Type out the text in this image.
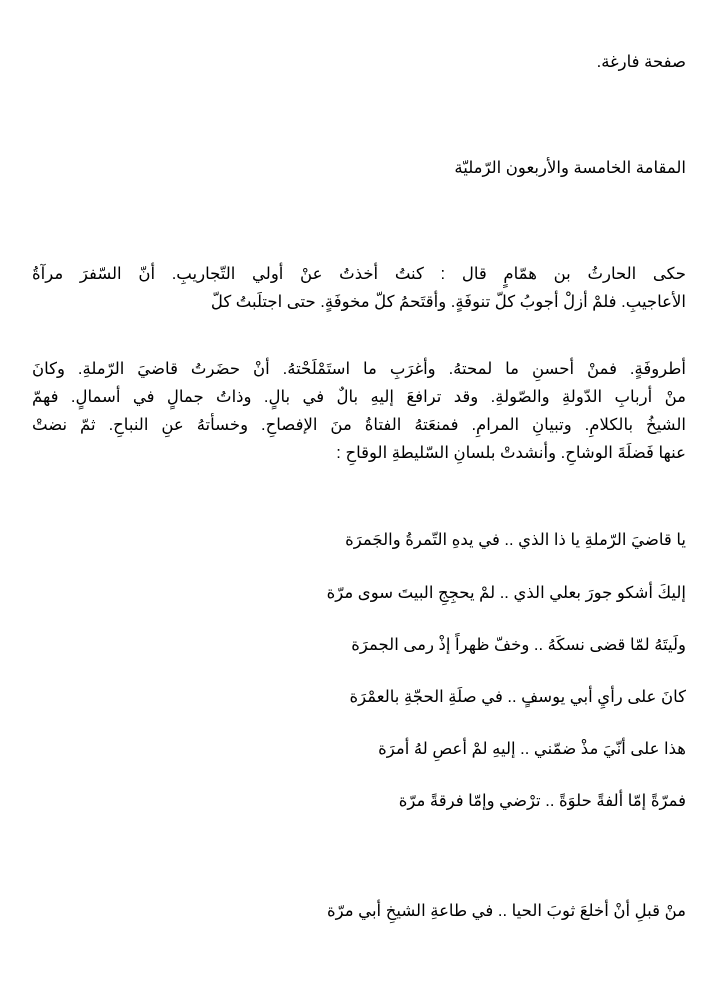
صفحة فارغة.

المقامة الخامسة والأربعون الرّمليّة

حكى الحارثُ بن همّامٍ قال : كنتُ أخذتُ عنْ أولي التّجاريبِ. أنّ السّفرَ مرآةُ
الأعاجيبِ. فلمْ أزلْ أجوبُ كلّ تنوفَةٍ. وأقتَحمُ كلّ مخوفَةٍ. حتى اجتلَبتُ كلّ
أطروفَةٍ. فمنْ أحسنِ ما لمحتهُ. وأغرَبِ ما استَمْلَحْتهُ. أنْ حضَرتُ قاضيَ الرّملةِ. وكانَ
منْ أربابِ الدّولةِ والصّولةِ. وقد ترافعَ إليهِ بالٌ في بالٍ. وذاتُ جمالٍ في أسمالٍ. فهمّ
الشيخُ بالكلامِ. وتبيانِ المرامِ. فمنعَتهُ الفتاةُ منَ الإفصاحِ. وخسأتهُ عنِ النباحِ. ثمّ نضتْ
عنها فَضلَةَ الوشاحِ. وأنشدتْ بلسانِ السّليطةِ الوقاحِ :

يا قاضيَ الرّملةِ يا ذا الذي .. في يدهِ التّمرةُ والجَمرَة

إليكَ أشكو جورَ بعلي الذي .. لمْ يحجِجِ البيتَ سوى مرّة

ولَيتَهُ لمّا قضى نسكَهُ .. وخفّ ظهراً إذْ رمى الجمرَة

كانَ على رأيِ أبي يوسفٍ .. في صلَةِ الحجّةِ بالعمْرَة

هذا على أنّيَ مذْ ضمّني .. إليهِ لمْ أعصِ لهُ أمرَة

فمرّةً إمّا ألفةً حلوَةً .. ترْضي وإمّا فرقةً مرّة

منْ قبلِ أنْ أخلعَ ثوبَ الحيا .. في طاعةِ الشيخِ أبي مرّة
